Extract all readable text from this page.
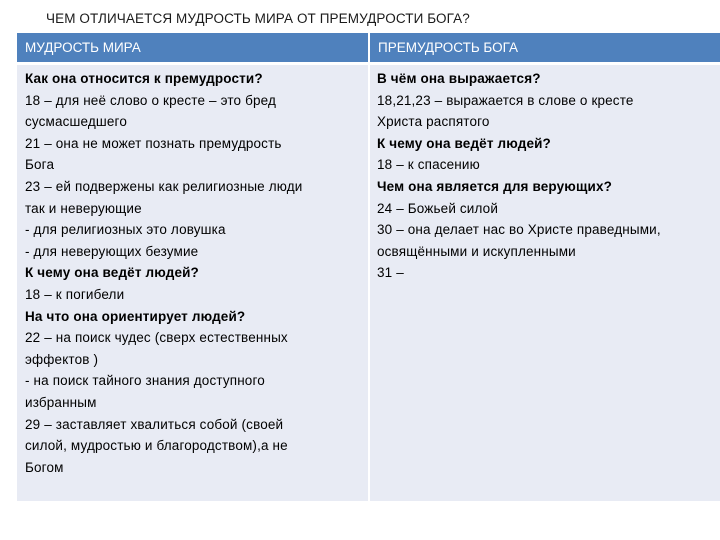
ЧЕМ ОТЛИЧАЕТСЯ МУДРОСТЬ МИРА ОТ ПРЕМУДРОСТИ БОГА?
МУДРОСТЬ МИРА	ПРЕМУДРОСТЬ БОГА
Как она относится к премудрости?
18 – для неё слово о кресте – это бред
сусмасшедшего
21 – она не может познать премудрость
Бога
23 – ей подвержены как религиозные люди
так и неверующие
- для религиозных это ловушка
- для неверующих безумие
К чему она ведёт людей?
18 – к погибели
На что она ориентирует людей?
22 – на поиск чудес (сверх естественных
эффектов )
- на поиск тайного знания доступного
избранным
29 – заставляет хвалиться собой (своей
силой, мудростью и благородством),а не
Богом
В чём она выражается?
18,21,23 – выражается в слове о кресте
Христа распятого
К чему она ведёт людей?
18 – к спасению
Чем она является для верующих?
24 – Божьей силой
30 – она делает нас во Христе праведными,
освящёнными и искупленными
31 –
